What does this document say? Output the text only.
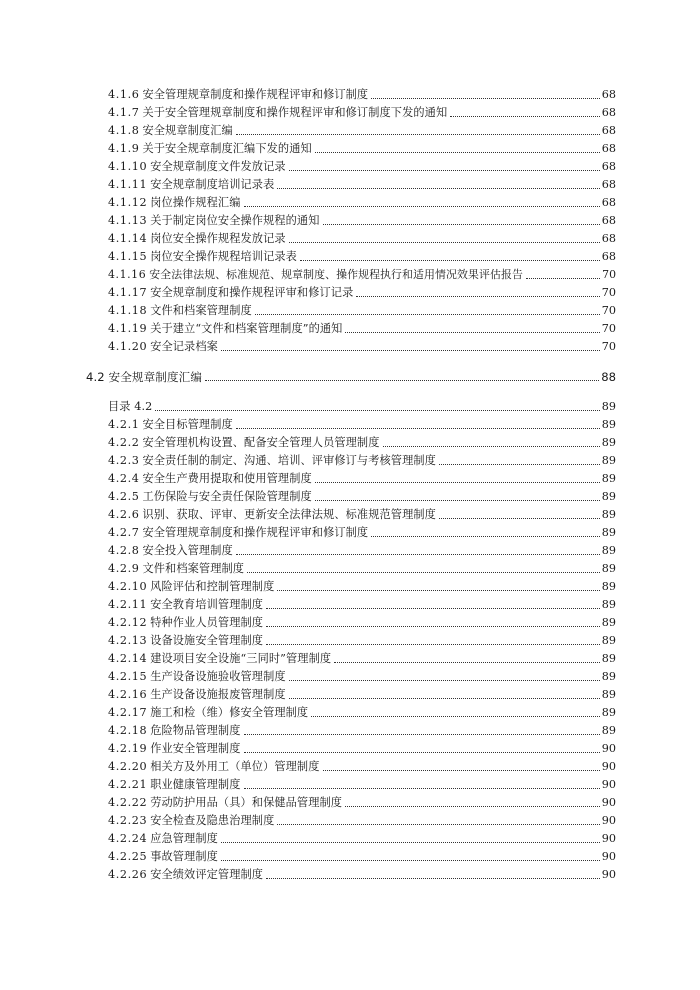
4.1.6 安全管理规章制度和操作规程评审和修订制度	68
4.1.7 关于安全管理规章制度和操作规程评审和修订制度下发的通知	68
4.1.8 安全规章制度汇编	68
4.1.9 关于安全规章制度汇编下发的通知	68
4.1.10 安全规章制度文件发放记录	68
4.1.11 安全规章制度培训记录表	68
4.1.12 岗位操作规程汇编	68
4.1.13 关于制定岗位安全操作规程的通知	68
4.1.14 岗位安全操作规程发放记录	68
4.1.15 岗位安全操作规程培训记录表	68
4.1.16 安全法律法规、标准规范、规章制度、操作规程执行和适用情况效果评估报告	70
4.1.17 安全规章制度和操作规程评审和修订记录	70
4.1.18 文件和档案管理制度	70
4.1.19 关于建立“文件和档案管理制度”的通知	70
4.1.20 安全记录档案	70
4.2 安全规章制度汇编	88
目录 4.2	89
4.2.1 安全目标管理制度	89
4.2.2 安全管理机构设置、配备安全管理人员管理制度	89
4.2.3 安全责任制的制定、沟通、培训、评审修订与考核管理制度	89
4.2.4 安全生产费用提取和使用管理制度	89
4.2.5 工伤保险与安全责任保险管理制度	89
4.2.6 识别、获取、评审、更新安全法律法规、标准规范管理制度	89
4.2.7 安全管理规章制度和操作规程评审和修订制度	89
4.2.8 安全投入管理制度	89
4.2.9 文件和档案管理制度	89
4.2.10 风险评估和控制管理制度	89
4.2.11 安全教育培训管理制度	89
4.2.12 特种作业人员管理制度	89
4.2.13 设备设施安全管理制度	89
4.2.14 建设项目安全设施“三同时”管理制度	89
4.2.15 生产设备设施验收管理制度	89
4.2.16 生产设备设施报废管理制度	89
4.2.17 施工和检（维）修安全管理制度	89
4.2.18 危险物品管理制度	89
4.2.19 作业安全管理制度	90
4.2.20 相关方及外用工（单位）管理制度	90
4.2.21 职业健康管理制度	90
4.2.22 劳动防护用品（具）和保健品管理制度	90
4.2.23 安全检查及隐患治理制度	90
4.2.24 应急管理制度	90
4.2.25 事故管理制度	90
4.2.26 安全绩效评定管理制度	90
